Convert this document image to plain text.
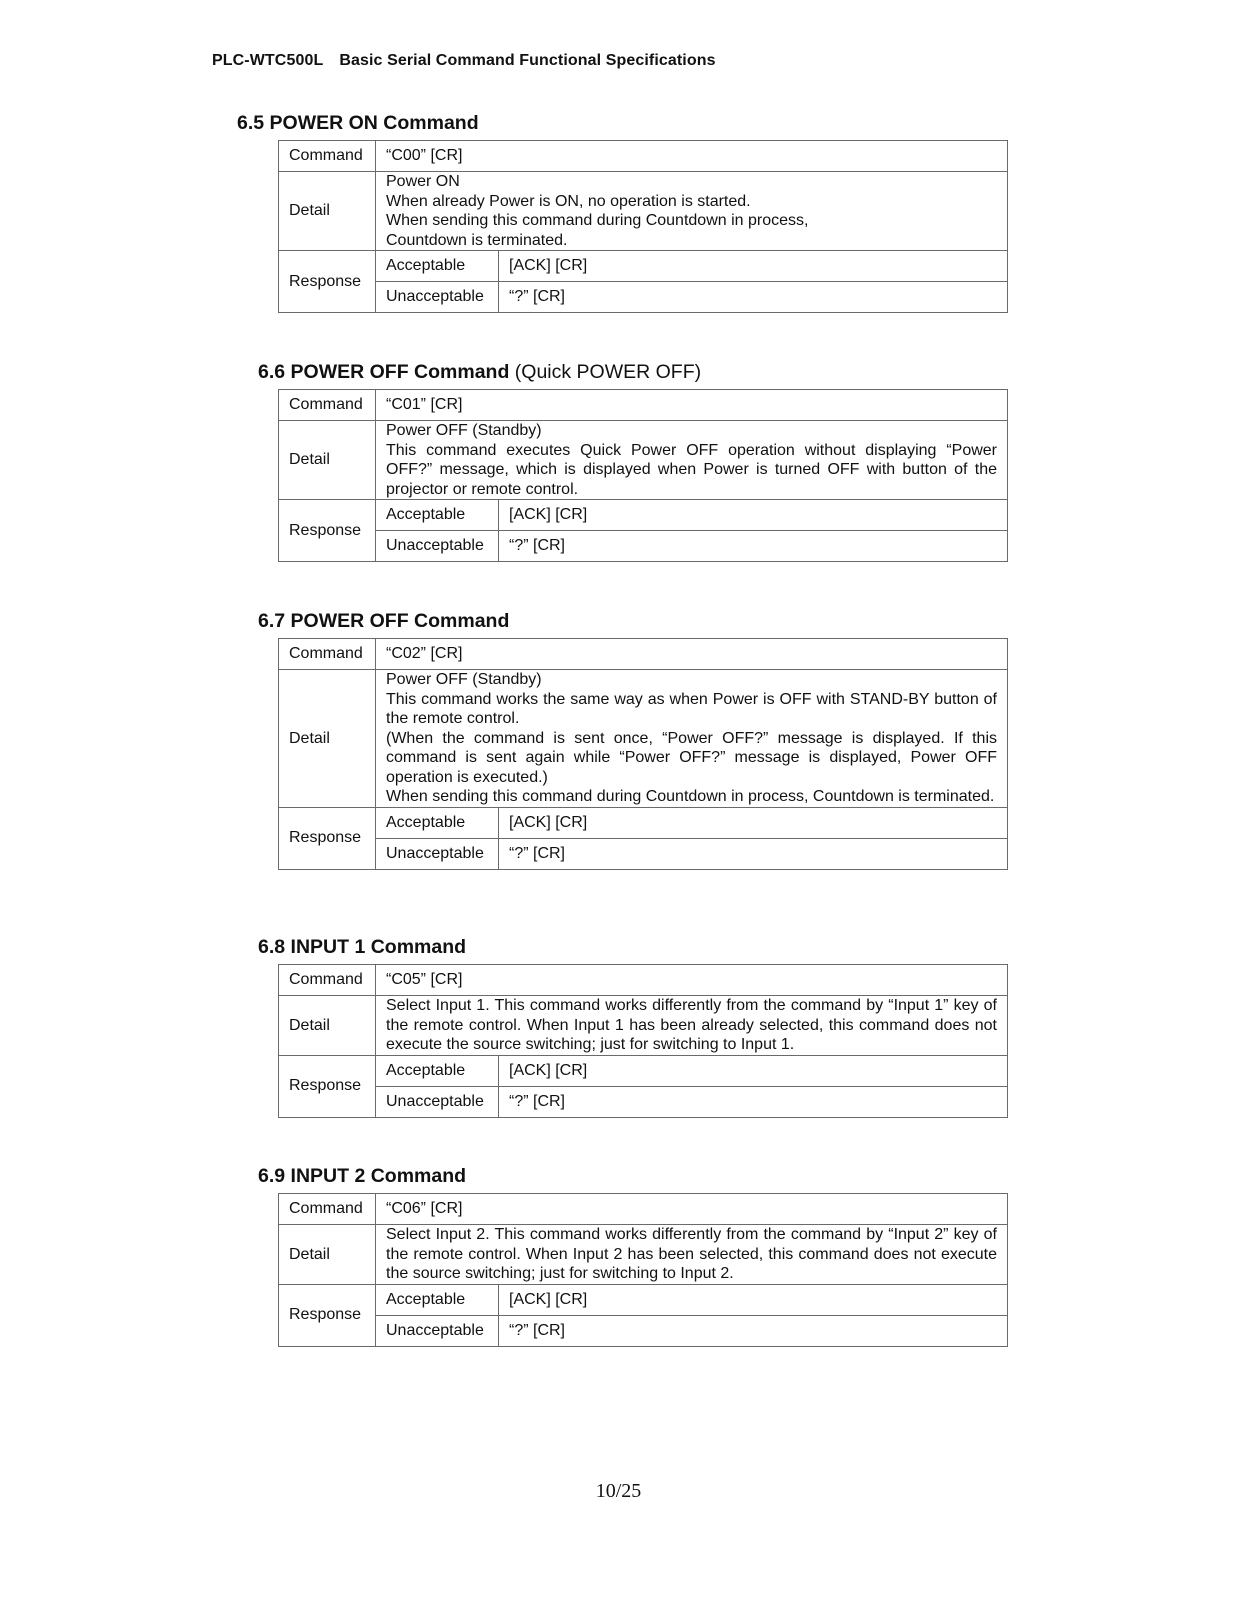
PLC-WTC500L Basic Serial Command Functional Specifications
6.5 POWER ON Command
Command	“C00” [CR]	
Detail	Power ON
When already Power is ON, no operation is started.
When sending this command during Countdown in process,
Countdown is terminated.	

Response	Acceptable	[ACK] [CR]
	Unacceptable	“?” [CR]
6.6 POWER OFF Command (Quick POWER OFF)
Command	“C01” [CR]	
Detail	Power OFF (Standby)
This command executes Quick Power OFF operation without displaying “Power OFF?” message, which is displayed when Power is turned OFF with button of the projector or remote control.	

Response	Acceptable	[ACK] [CR]
	Unacceptable	“?” [CR]
6.7 POWER OFF Command
Command	“C02” [CR]	
Detail	Power OFF (Standby)
This command works the same way as when Power is OFF with STAND-BY button of the remote control.
(When the command is sent once, “Power OFF?” message is displayed. If this command is sent again while “Power OFF?” message is displayed, Power OFF operation is executed.)
When sending this command during Countdown in process, Countdown is terminated.	

Response	Acceptable	[ACK] [CR]
	Unacceptable	“?” [CR]
6.8 INPUT 1 Command
Command	“C05” [CR]	
Detail	Select Input 1. This command works differently from the command by “Input 1” key of the remote control. When Input 1 has been already selected, this command does not execute the source switching; just for switching to Input 1.	

Response	Acceptable	[ACK] [CR]
	Unacceptable	“?” [CR]
6.9 INPUT 2 Command
Command	“C06” [CR]	
Detail	Select Input 2. This command works differently from the command by “Input 2” key of the remote control. When Input 2 has been selected, this command does not execute the source switching; just for switching to Input 2.	

Response	Acceptable	[ACK] [CR]
	Unacceptable	“?” [CR]
10/25
